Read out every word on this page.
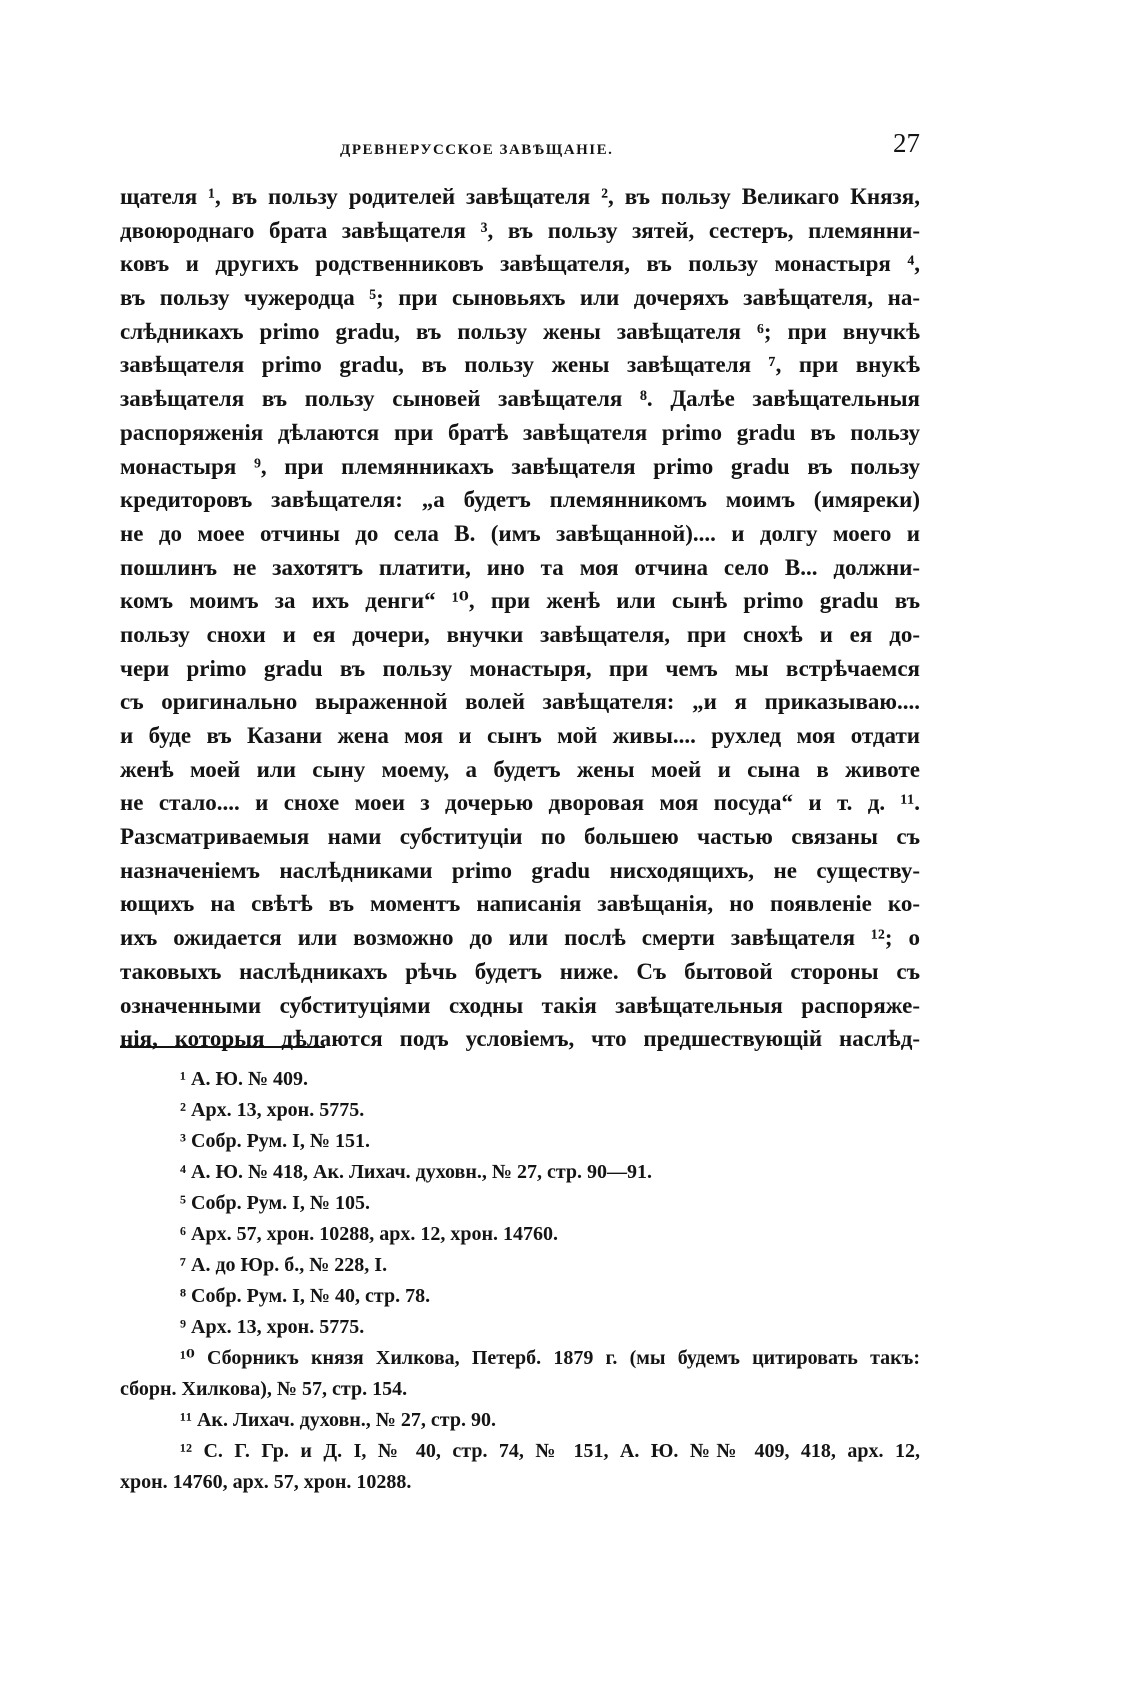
ДРЕВНЕРУССКОЕ ЗАВѢЩАНІЕ.	27
щателя ¹, въ пользу родителей завѣщателя ², въ пользу Великаго Князя,
двоюроднаго брата завѣщателя ³, въ пользу зятей, сестеръ, племянни-
ковъ и другихъ родственниковъ завѣщателя, въ пользу монастыря ⁴,
въ пользу чужеродца ⁵; при сыновьяхъ или дочеряхъ завѣщателя, на-
слѣдникахъ primo gradu, въ пользу жены завѣщателя ⁶; при внучкѣ
завѣщателя primo gradu, въ пользу жены завѣщателя ⁷, при внукѣ
завѣщателя въ пользу сыновей завѣщателя ⁸. Далѣе завѣщательныя
распоряженія дѣлаются при братѣ завѣщателя primo gradu въ пользу
монастыря ⁹, при племянникахъ завѣщателя primo gradu въ пользу
кредиторовъ завѣщателя: „а будетъ племянникомъ моимъ (имяреки)
не до моее отчины до села В. (имъ завѣщанной).... и долгу моего и
пошлинъ не захотятъ платити, ино та моя отчина село В... должни-
комъ моимъ за ихъ денги“ ¹⁰, при женѣ или сынѣ primo gradu въ
пользу снохи и ея дочери, внучки завѣщателя, при снохѣ и ея до-
чери primo gradu въ пользу монастыря, при чемъ мы встрѣчаемся
съ оригинально выраженной волей завѣщателя: „и я приказываю....
и буде въ Казани жена моя и сынъ мой живы.... рухлед моя отдати
женѣ моей или сыну моему, а будетъ жены моей и сына в животе
не стало.... и снохе моеи з дочерью дворовая моя посуда“ и т. д. ¹¹.
Разсматриваемыя нами субституціи по большею частью связаны съ
назначеніемъ наслѣдниками primo gradu нисходящихъ, не существу-
ющихъ на свѣтѣ въ моментъ написанія завѣщанія, но появленіе ко-
ихъ ожидается или возможно до или послѣ смерти завѣщателя ¹²; о
таковыхъ наслѣдникахъ рѣчь будетъ ниже. Съ бытовой стороны съ
означенными субституціями сходны такія завѣщательныя распоряже-
нія, которыя дѣлаются подъ условіемъ, что предшествующій наслѣд-
¹ А. Ю. № 409.
² Арх. 13, хрон. 5775.
³ Собр. Рум. I, № 151.
⁴ А. Ю. № 418, Ак. Лихач. духовн., № 27, стр. 90—91.
⁵ Собр. Рум. I, № 105.
⁶ Арх. 57, хрон. 10288, арх. 12, хрон. 14760.
⁷ А. до Юр. б., № 228, I.
⁸ Собр. Рум. I, № 40, стр. 78.
⁹ Арх. 13, хрон. 5775.
¹⁰ Сборникъ князя Хилкова, Петерб. 1879 г. (мы будемъ цитировать такъ:
сборн. Хилкова), № 57, стр. 154.
¹¹ Ак. Лихач. духовн., № 27, стр. 90.
¹² С. Г. Гр. и Д. I, № 40, стр. 74, № 151, А. Ю. №№ 409, 418, арх. 12,
хрон. 14760, арх. 57, хрон. 10288.
